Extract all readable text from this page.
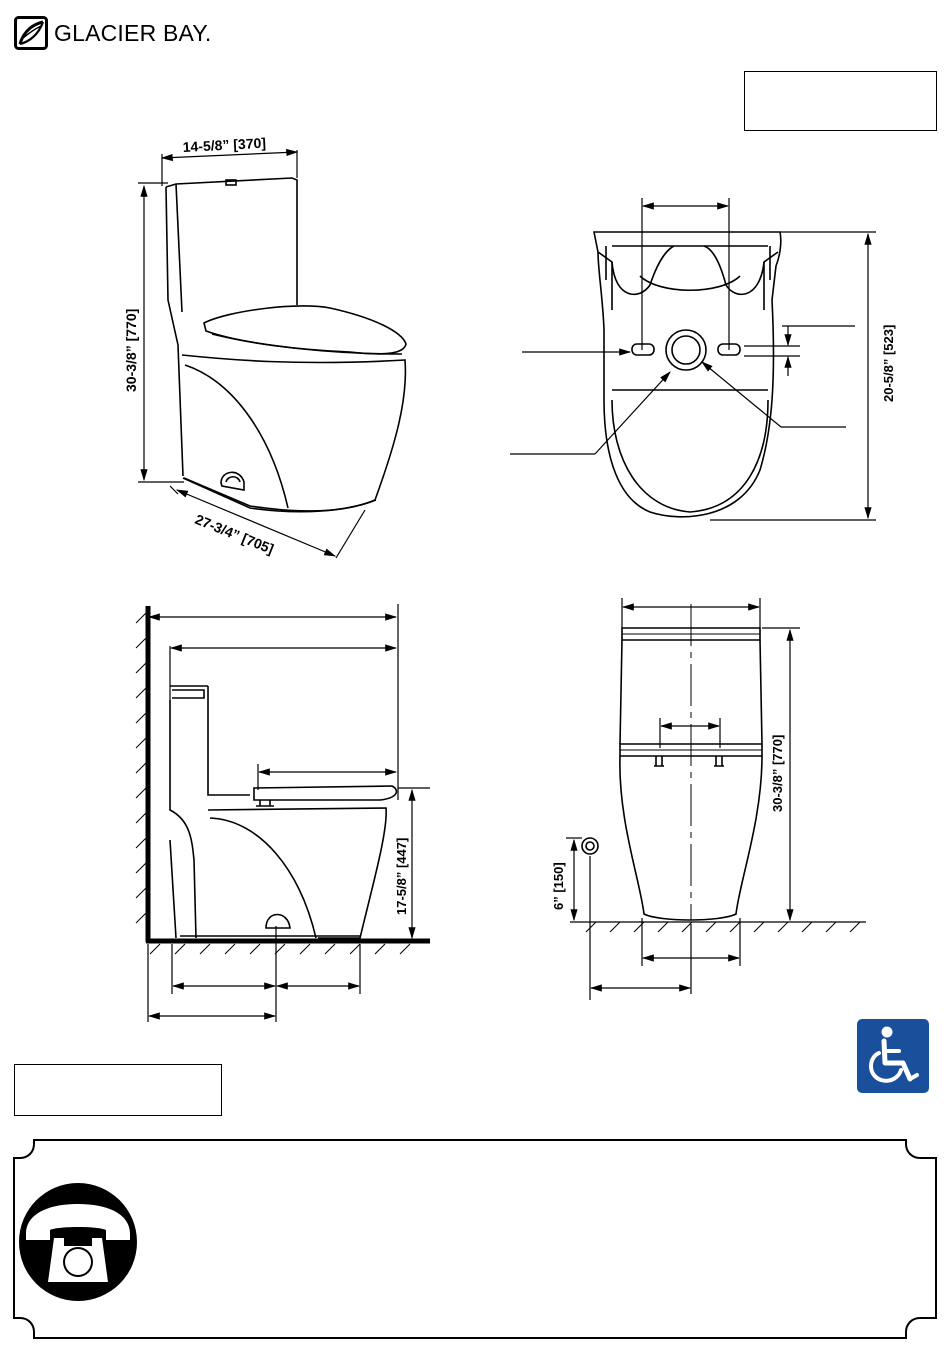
GLACIER BAY.
14-5/8” [370]
30-3/8” [770]
27-3/4” [705]
20-5/8” [523]
17-5/8” [447]
30-3/8” [770]
6” [150]
